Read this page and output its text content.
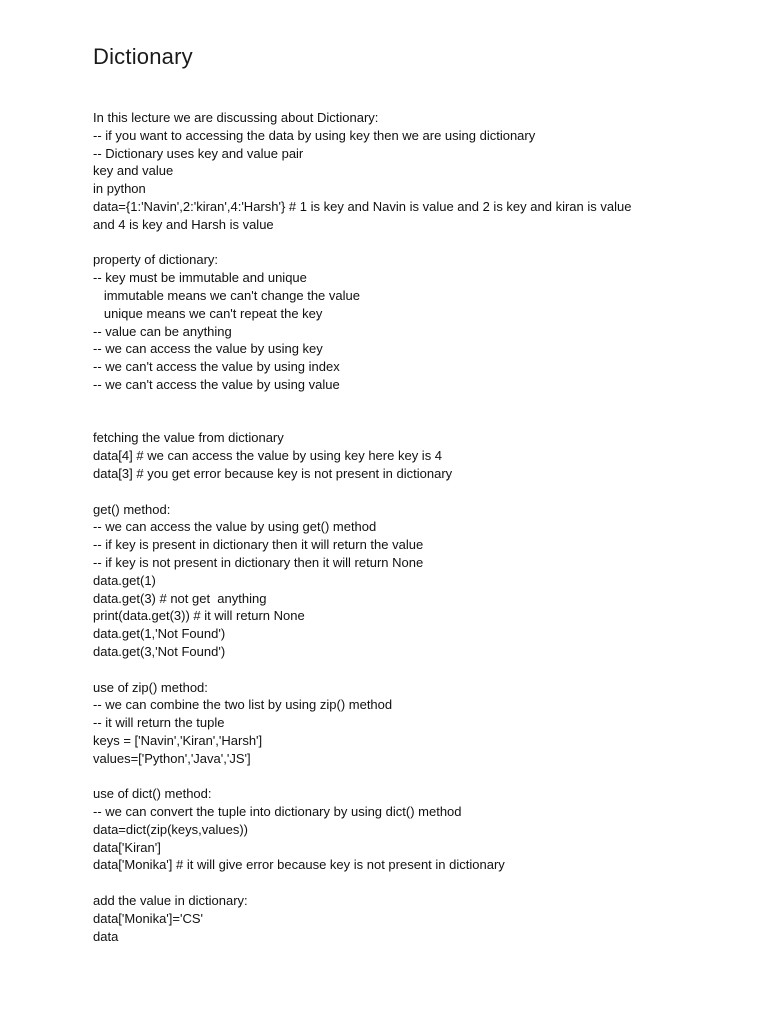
Dictionary
In this lecture we are discussing about Dictionary:
-- if you want to accessing the data by using key then we are using dictionary
-- Dictionary uses key and value pair
key and value
in python
data={1:'Navin',2:'kiran',4:'Harsh'} # 1 is key and Navin is value and 2 is key and kiran is value
and 4 is key and Harsh is value
property of dictionary:
-- key must be immutable and unique
immutable means we can't change the value
unique means we can't repeat the key
-- value can be anything
-- we can access the value by using key
-- we can't access the value by using index
-- we can't access the value by using value
fetching the value from dictionary
data[4] # we can access the value by using key here key is 4
data[3] # you get error because key is not present in dictionary
get() method:
-- we can access the value by using get() method
-- if key is present in dictionary then it will return the value
-- if key is not present in dictionary then it will return None
data.get(1)
data.get(3) # not get  anything
print(data.get(3)) # it will return None
data.get(1,'Not Found')
data.get(3,'Not Found')
use of zip() method:
-- we can combine the two list by using zip() method
-- it will return the tuple
keys = ['Navin','Kiran','Harsh']
values=['Python','Java','JS']
use of dict() method:
-- we can convert the tuple into dictionary by using dict() method
data=dict(zip(keys,values))
data['Kiran']
data['Monika'] # it will give error because key is not present in dictionary
add the value in dictionary:
data['Monika']='CS'
data
